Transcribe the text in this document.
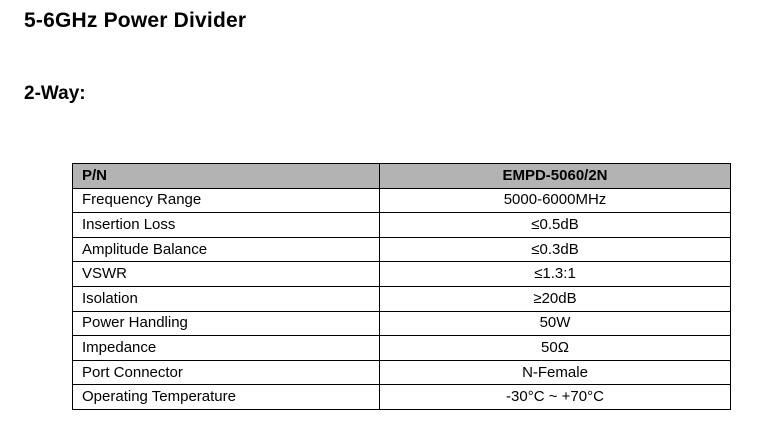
5-6GHz Power Divider
2-Way:
P/N	EMPD-5060/2N
Frequency Range	5000-6000MHz
Insertion Loss	≤0.5dB
Amplitude Balance	≤0.3dB
VSWR	≤1.3:1
Isolation	≥20dB
Power Handling	50W
Impedance	50Ω
Port Connector	N-Female
Operating Temperature	-30°C ~ +70°C
